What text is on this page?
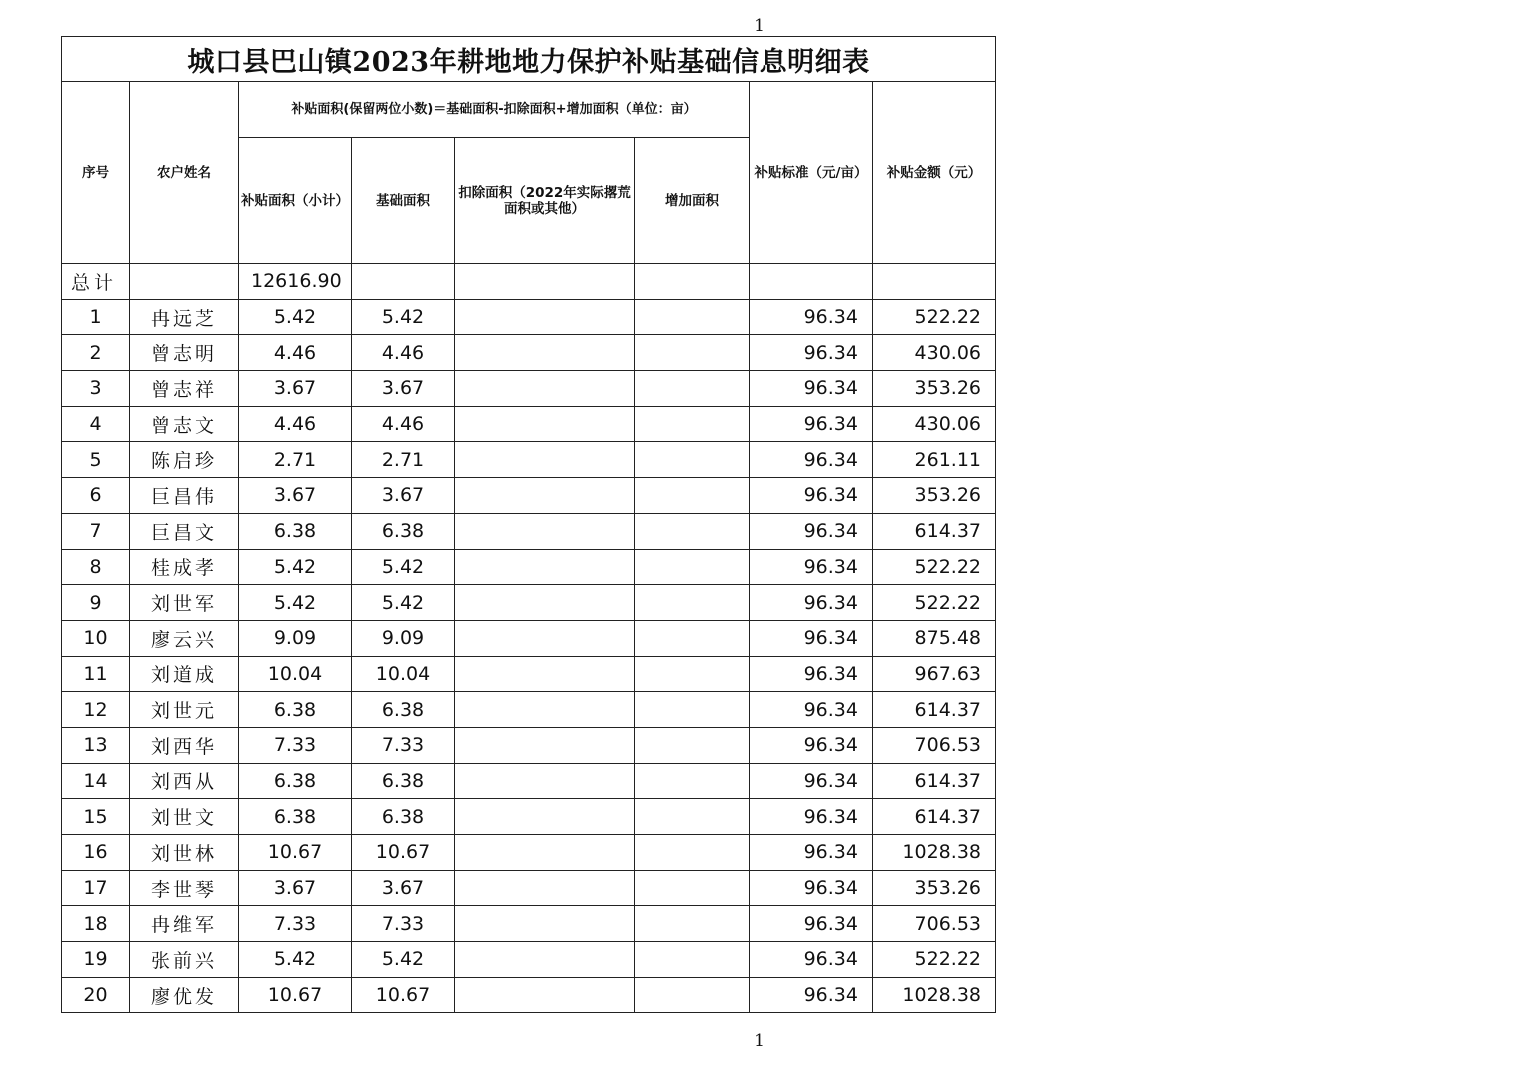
1
城口县巴山镇2023年耕地地力保护补贴基础信息明细表							
序号	农户姓名	补贴面积(保留两位小数)＝基础面积-扣除面积+增加面积（单位：亩）				补贴标准（元/亩）	补贴金额（元）
		补贴面积（小计）	基础面积	扣除面积（2022年实际撂荒面积或其他）	增加面积		
总计		12616.90					
1	冉远芝	5.42	5.42			96.34	522.22
2	曾志明	4.46	4.46			96.34	430.06
3	曾志祥	3.67	3.67			96.34	353.26
4	曾志文	4.46	4.46			96.34	430.06
5	陈启珍	2.71	2.71			96.34	261.11
6	巨昌伟	3.67	3.67			96.34	353.26
7	巨昌文	6.38	6.38			96.34	614.37
8	桂成孝	5.42	5.42			96.34	522.22
9	刘世军	5.42	5.42			96.34	522.22
10	廖云兴	9.09	9.09			96.34	875.48
11	刘道成	10.04	10.04			96.34	967.63
12	刘世元	6.38	6.38			96.34	614.37
13	刘西华	7.33	7.33			96.34	706.53
14	刘西从	6.38	6.38			96.34	614.37
15	刘世文	6.38	6.38			96.34	614.37
16	刘世林	10.67	10.67			96.34	1028.38
17	李世琴	3.67	3.67			96.34	353.26
18	冉维军	7.33	7.33			96.34	706.53
19	张前兴	5.42	5.42			96.34	522.22
20	廖优发	10.67	10.67			96.34	1028.38
1
